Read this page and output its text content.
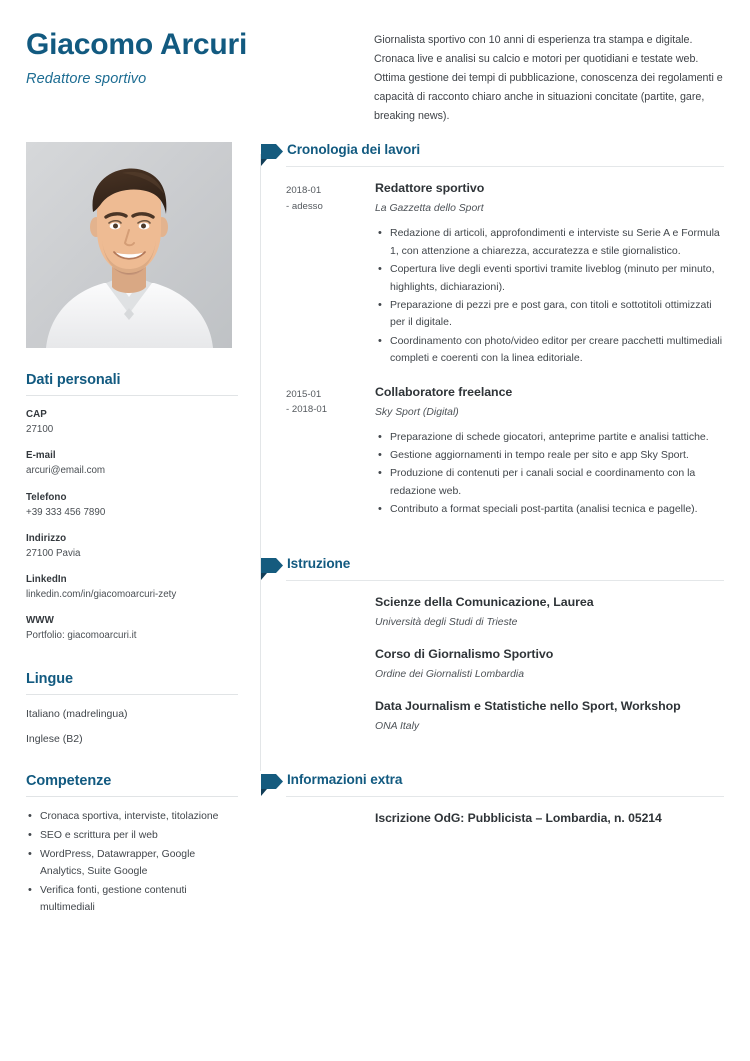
Giacomo Arcuri
Redattore sportivo
Giornalista sportivo con 10 anni di esperienza tra stampa e digitale. Cronaca live e analisi su calcio e motori per quotidiani e testate web. Ottima gestione dei tempi di pubblicazione, conoscenza dei regolamenti e capacità di racconto chiaro anche in situazioni concitate (partite, gare, breaking news).
Dati personali
CAP
27100
E-mail
arcuri@email.com
Telefono
+39 333 456 7890
Indirizzo
27100 Pavia
LinkedIn
linkedin.com/in/giacomoarcuri-zety
WWW
Portfolio: giacomoarcuri.it
Lingue
Italiano (madrelingua)
Inglese (B2)
Competenze
• Cronaca sportiva, interviste, titolazione
• SEO e scrittura per il web
• WordPress, Datawrapper, Google Analytics, Suite Google
• Verifica fonti, gestione contenuti multimediali
Cronologia dei lavori
2018-01
- adesso
Redattore sportivo
La Gazzetta dello Sport
• Redazione di articoli, approfondimenti e interviste su Serie A e Formula 1, con attenzione a chiarezza, accuratezza e stile giornalistico.
• Copertura live degli eventi sportivi tramite liveblog (minuto per minuto, highlights, dichiarazioni).
• Preparazione di pezzi pre e post gara, con titoli e sottotitoli ottimizzati per il digitale.
• Coordinamento con photo/video editor per creare pacchetti multimediali completi e coerenti con la linea editoriale.
2015-01
- 2018-01
Collaboratore freelance
Sky Sport (Digital)
• Preparazione di schede giocatori, anteprime partite e analisi tattiche.
• Gestione aggiornamenti in tempo reale per sito e app Sky Sport.
• Produzione di contenuti per i canali social e coordinamento con la redazione web.
• Contributo a format speciali post-partita (analisi tecnica e pagelle).
Istruzione
Scienze della Comunicazione, Laurea
Università degli Studi di Trieste
Corso di Giornalismo Sportivo
Ordine dei Giornalisti Lombardia
Data Journalism e Statistiche nello Sport, Workshop
ONA Italy
Informazioni extra
Iscrizione OdG: Pubblicista – Lombardia, n. 05214
